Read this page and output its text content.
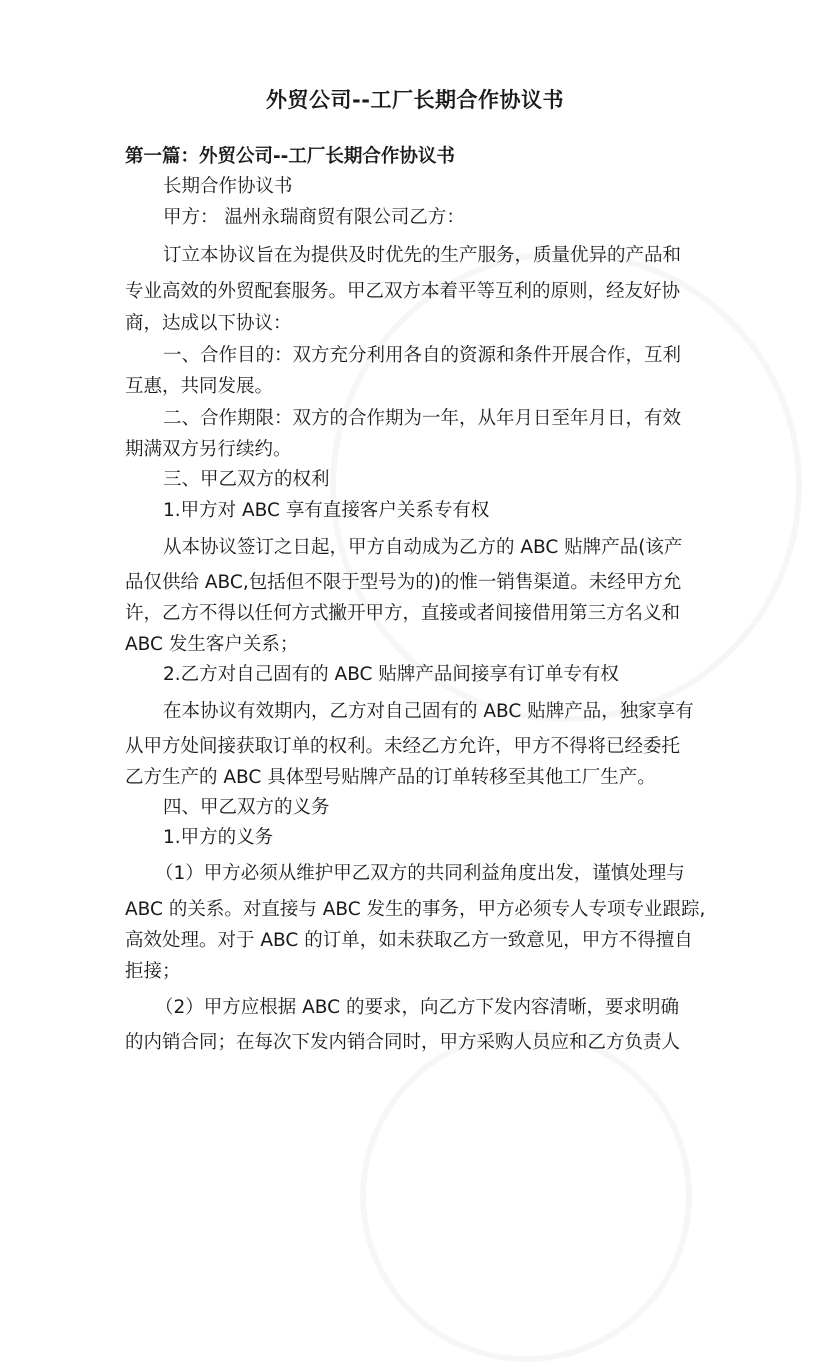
外贸公司--工厂长期合作协议书
第一篇：外贸公司--工厂长期合作协议书
长期合作协议书
甲方： 温州永瑞商贸有限公司乙方：
订立本协议旨在为提供及时优先的生产服务，质量优异的产品和
专业高效的外贸配套服务。甲乙双方本着平等互利的原则，经友好协
商，达成以下协议：
一、合作目的：双方充分利用各自的资源和条件开展合作，互利
互惠，共同发展。
二、合作期限：双方的合作期为一年，从年月日至年月日，有效
期满双方另行续约。
三、甲乙双方的权利
1.甲方对 ABC 享有直接客户关系专有权
从本协议签订之日起，甲方自动成为乙方的 ABC 贴牌产品(该产
品仅供给 ABC,包括但不限于型号为的)的惟一销售渠道。未经甲方允
许，乙方不得以任何方式撇开甲方，直接或者间接借用第三方名义和
ABC 发生客户关系；
2.乙方对自己固有的 ABC 贴牌产品间接享有订单专有权
在本协议有效期内，乙方对自己固有的 ABC 贴牌产品，独家享有
从甲方处间接获取订单的权利。未经乙方允许，甲方不得将已经委托
乙方生产的 ABC 具体型号贴牌产品的订单转移至其他工厂生产。
四、甲乙双方的义务
1.甲方的义务
（1）甲方必须从维护甲乙双方的共同利益角度出发，谨慎处理与
ABC 的关系。对直接与 ABC 发生的事务，甲方必须专人专项专业跟踪,
高效处理。对于 ABC 的订单，如未获取乙方一致意见，甲方不得擅自
拒接；
（2）甲方应根据 ABC 的要求，向乙方下发内容清晰，要求明确
的内销合同；在每次下发内销合同时，甲方采购人员应和乙方负责人
